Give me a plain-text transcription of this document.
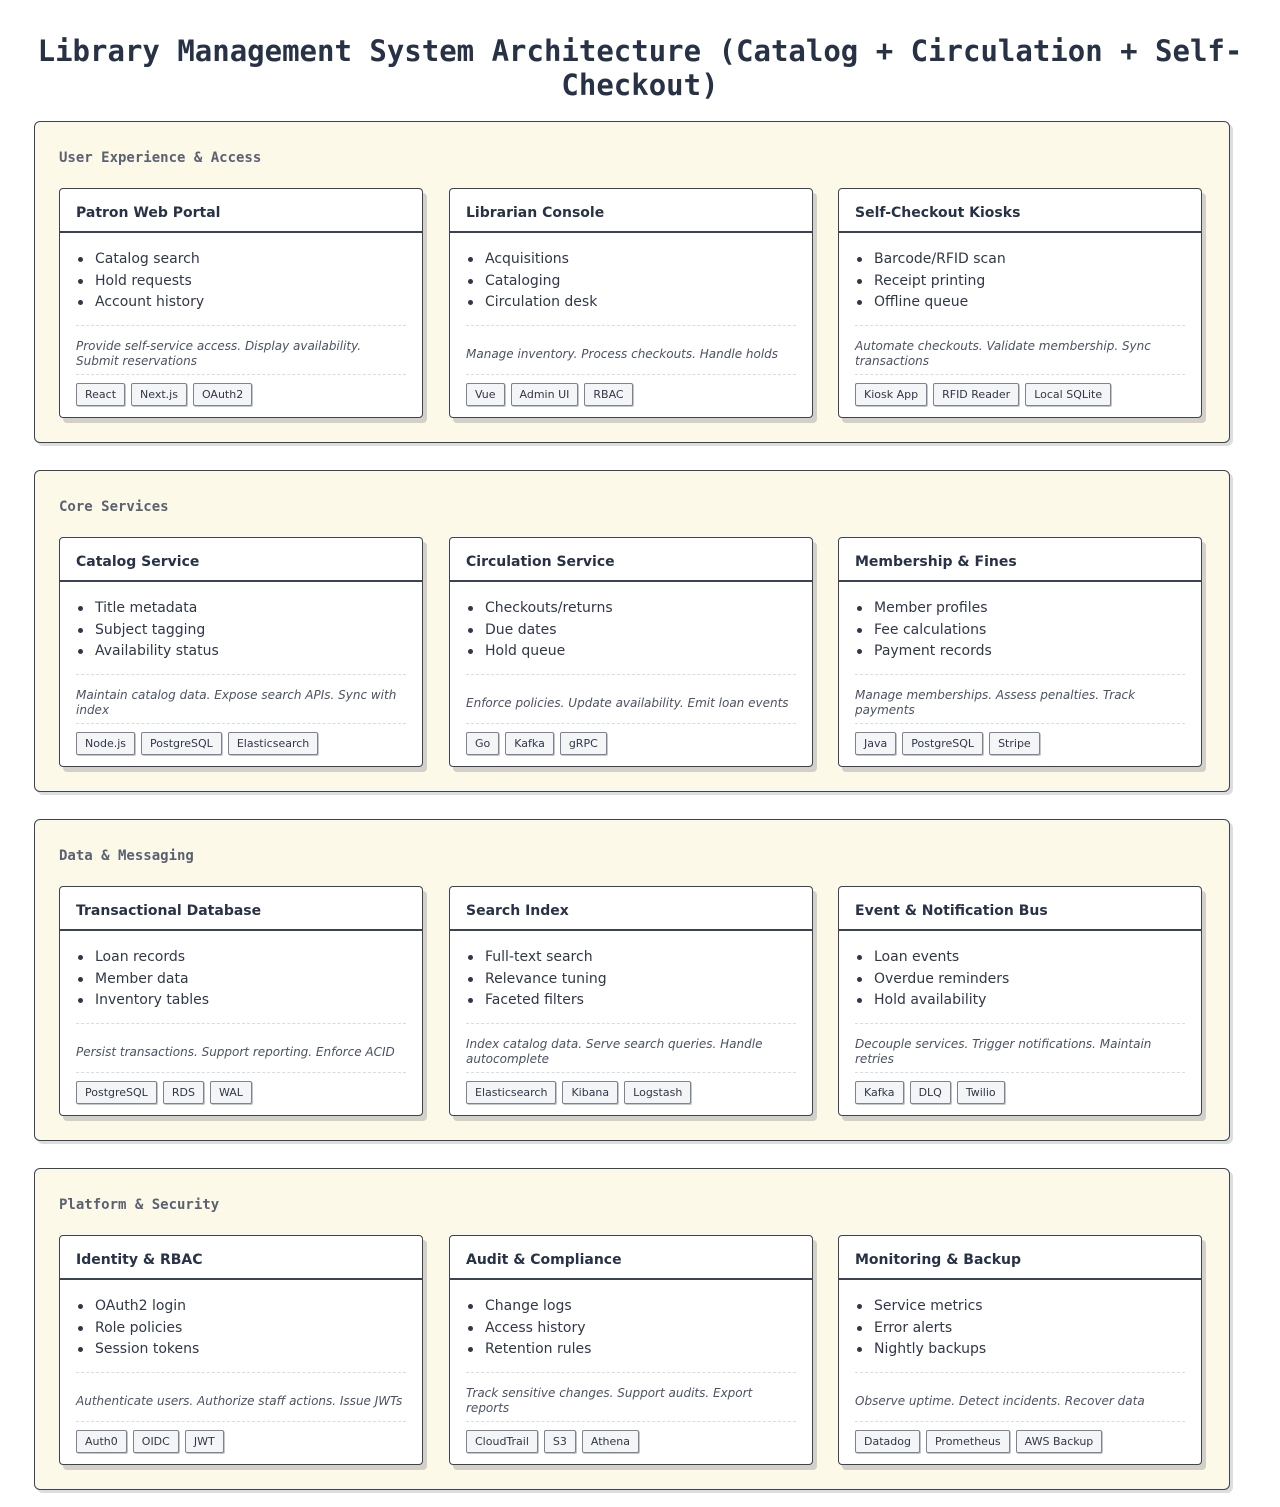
Library Management System Architecture (Catalog + Circulation + Self-Checkout)
User Experience & Access
Patron Web Portal
Catalog search
Hold requests
Account history
Provide self-service access. Display availability. Submit reservations
React	Next.js	OAuth2
Librarian Console
Acquisitions
Cataloging
Circulation desk
Manage inventory. Process checkouts. Handle holds
Vue	Admin UI	RBAC
Self-Checkout Kiosks
Barcode/RFID scan
Receipt printing
Offline queue
Automate checkouts. Validate membership. Sync transactions
Kiosk App	RFID Reader	Local SQLite
Core Services
Catalog Service
Title metadata
Subject tagging
Availability status
Maintain catalog data. Expose search APIs. Sync with index
Node.js	PostgreSQL	Elasticsearch
Circulation Service
Checkouts/returns
Due dates
Hold queue
Enforce policies. Update availability. Emit loan events
Go	Kafka	gRPC
Membership & Fines
Member profiles
Fee calculations
Payment records
Manage memberships. Assess penalties. Track payments
Java	PostgreSQL	Stripe
Data & Messaging
Transactional Database
Loan records
Member data
Inventory tables
Persist transactions. Support reporting. Enforce ACID
PostgreSQL	RDS	WAL
Search Index
Full-text search
Relevance tuning
Faceted filters
Index catalog data. Serve search queries. Handle autocomplete
Elasticsearch	Kibana	Logstash
Event & Notification Bus
Loan events
Overdue reminders
Hold availability
Decouple services. Trigger notifications. Maintain retries
Kafka	DLQ	Twilio
Platform & Security
Identity & RBAC
OAuth2 login
Role policies
Session tokens
Authenticate users. Authorize staff actions. Issue JWTs
Auth0	OIDC	JWT
Audit & Compliance
Change logs
Access history
Retention rules
Track sensitive changes. Support audits. Export reports
CloudTrail	S3	Athena
Monitoring & Backup
Service metrics
Error alerts
Nightly backups
Observe uptime. Detect incidents. Recover data
Datadog	Prometheus	AWS Backup
